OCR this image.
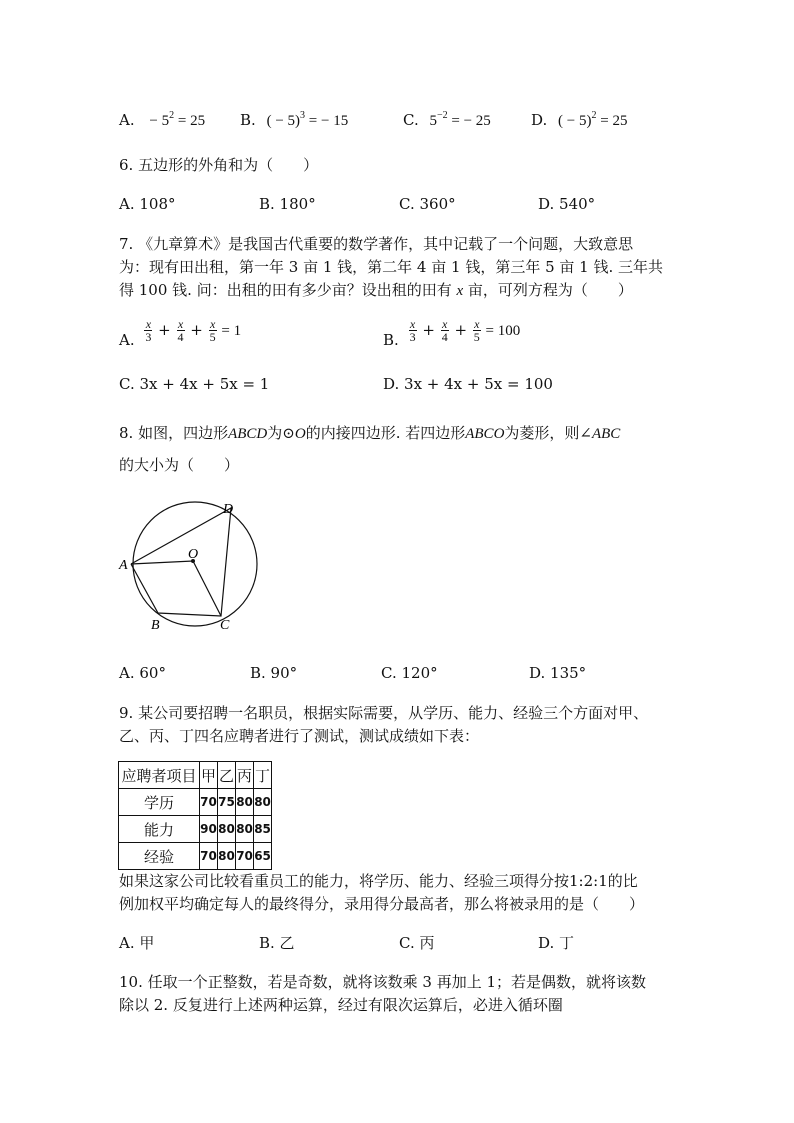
A. − $5^2 = 25$ B. ( − 5)$^3$ = − 15	C. $5^{-2}$ = − 25	D. ( − 5)$^2$ = 25
6. 五边形的外角和为（　　）
A. 108°	B. 180°	C. 360°	D. 540°
7. 《九章算术》是我国古代重要的数学著作，其中记载了一个问题，大致意思
为：现有田出租，第一年 3 亩 1 钱，第二年 4 亩 1 钱，第三年 5 亩 1 钱. 三年共
得 100 钱. 问：出租的田有多少亩？设出租的田有 x 亩，可列方程为（　　）
A. $\frac{x}{3} + \frac{x}{4} + \frac{x}{5} = 1$	B. $\frac{x}{3} + \frac{x}{4} + \frac{x}{5} = 100$
C. 3x + 4x + 5x = 1	D. 3x + 4x + 5x = 100
8. 如图，四边形ABCD为⊙O的内接四边形. 若四边形ABCO为菱形，则∠ABC
的大小为（　　）
A
B	C
D
O
A. 60°	B. 90°	C. 120°	D. 135°
9. 某公司要招聘一名职员，根据实际需要，从学历、能力、经验三个方面对甲、
乙、丙、丁四名应聘者进行了测试，测试成绩如下表：
应聘者项目	甲	乙	丙	丁
学历	70	75	80	80
能力	90	80	80	85
经验	70	80	70	65
如果这家公司比较看重员工的能力，将学历、能力、经验三项得分按1:2:1的比
例加权平均确定每人的最终得分，录用得分最高者，那么将被录用的是（　　）
A. 甲	B. 乙	C. 丙	D. 丁
10. 任取一个正整数，若是奇数，就将该数乘 3 再加上 1；若是偶数，就将该数
除以 2. 反复进行上述两种运算，经过有限次运算后，必进入循环圈
